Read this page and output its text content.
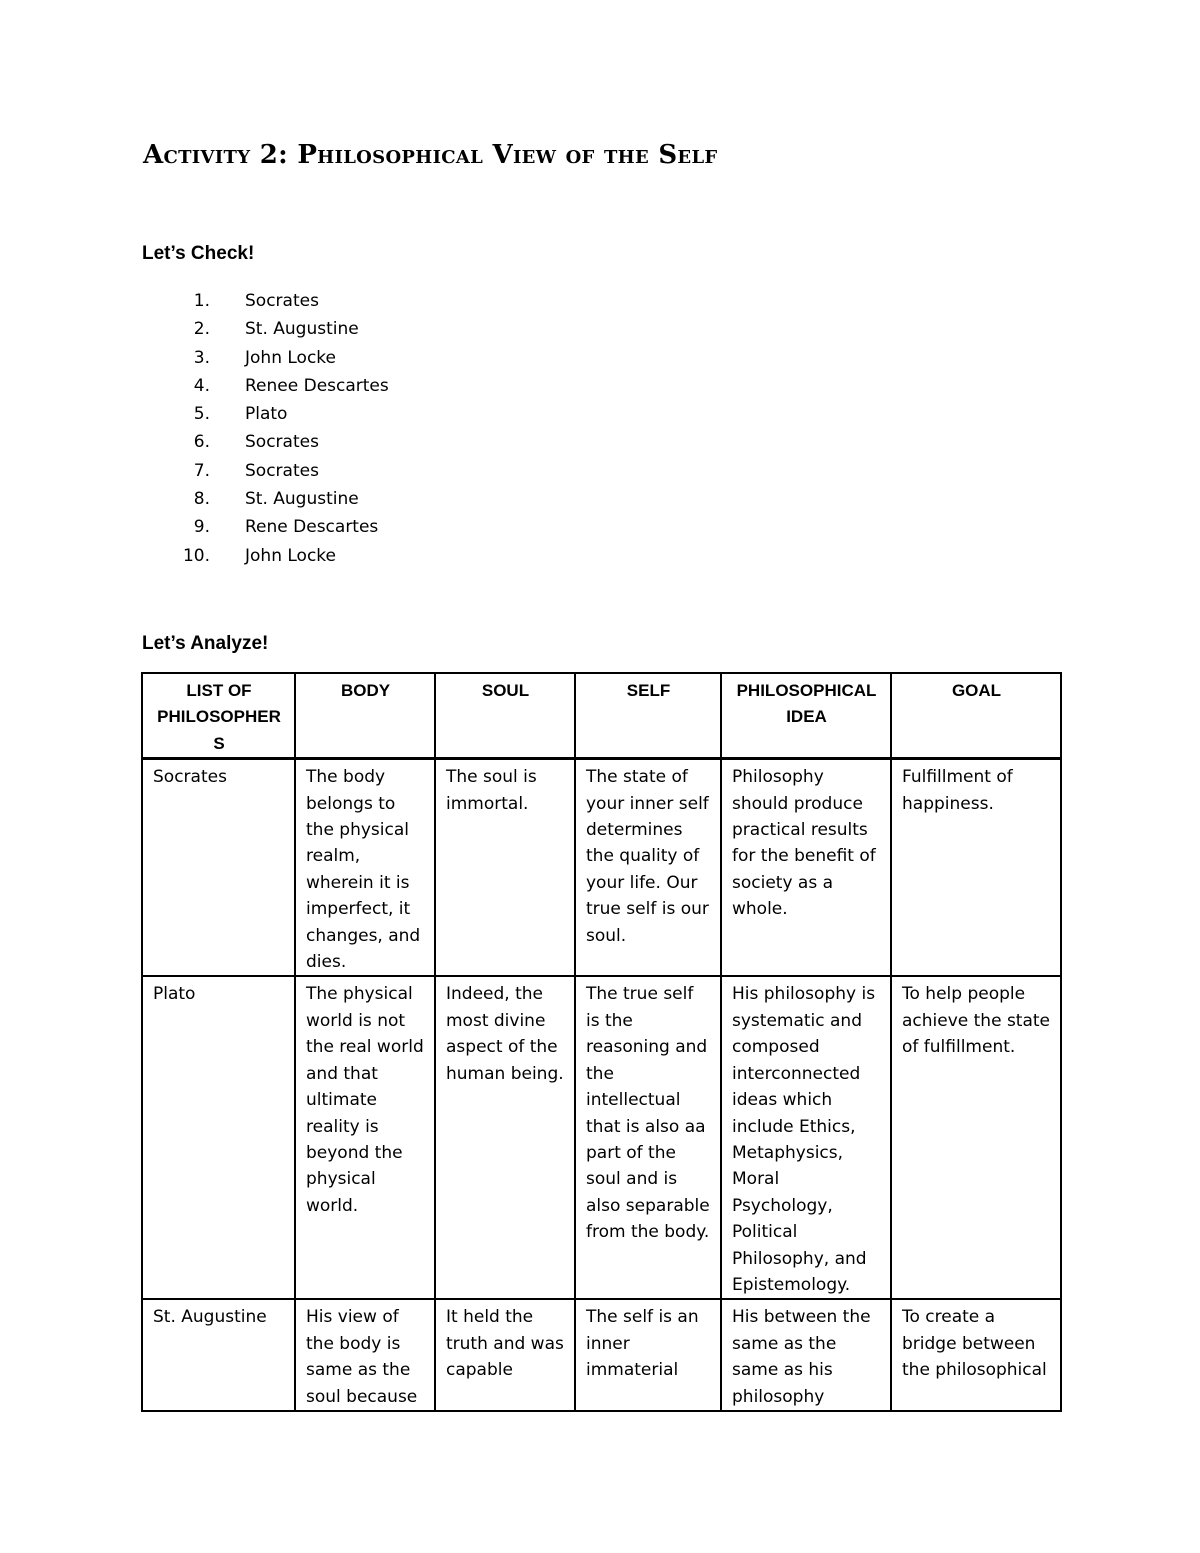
Activity 2: Philosophical View of the Self
Let’s Check!
1. Socrates
2. St. Augustine
3. John Locke
4. Renee Descartes
5. Plato
6. Socrates
7. Socrates
8. St. Augustine
9. Rene Descartes
10. John Locke
Let’s Analyze!
LIST OF PHILOSOPHERS	BODY	SOUL	SELF	PHILOSOPHICAL IDEA	GOAL
Socrates	The body belongs to the physical realm, wherein it is imperfect, it changes, and dies.	The soul is immortal.	The state of your inner self determines the quality of your life. Our true self is our soul.	Philosophy should produce practical results for the benefit of society as a whole.	Fulfillment of happiness.
Plato	The physical world is not the real world and that ultimate reality is beyond the physical world.	Indeed, the most divine aspect of the human being.	The true self is the reasoning and the intellectual that is also aa part of the soul and is also separable from the body.	His philosophy is systematic and composed interconnected ideas which include Ethics, Metaphysics, Moral Psychology, Political Philosophy, and Epistemology.	To help people achieve the state of fulfillment.
St. Augustine	His view of the body is same as the soul because	It held the truth and was capable	The self is an inner immaterial	His between the same as the same as his philosophy	To create a bridge between the philosophical
